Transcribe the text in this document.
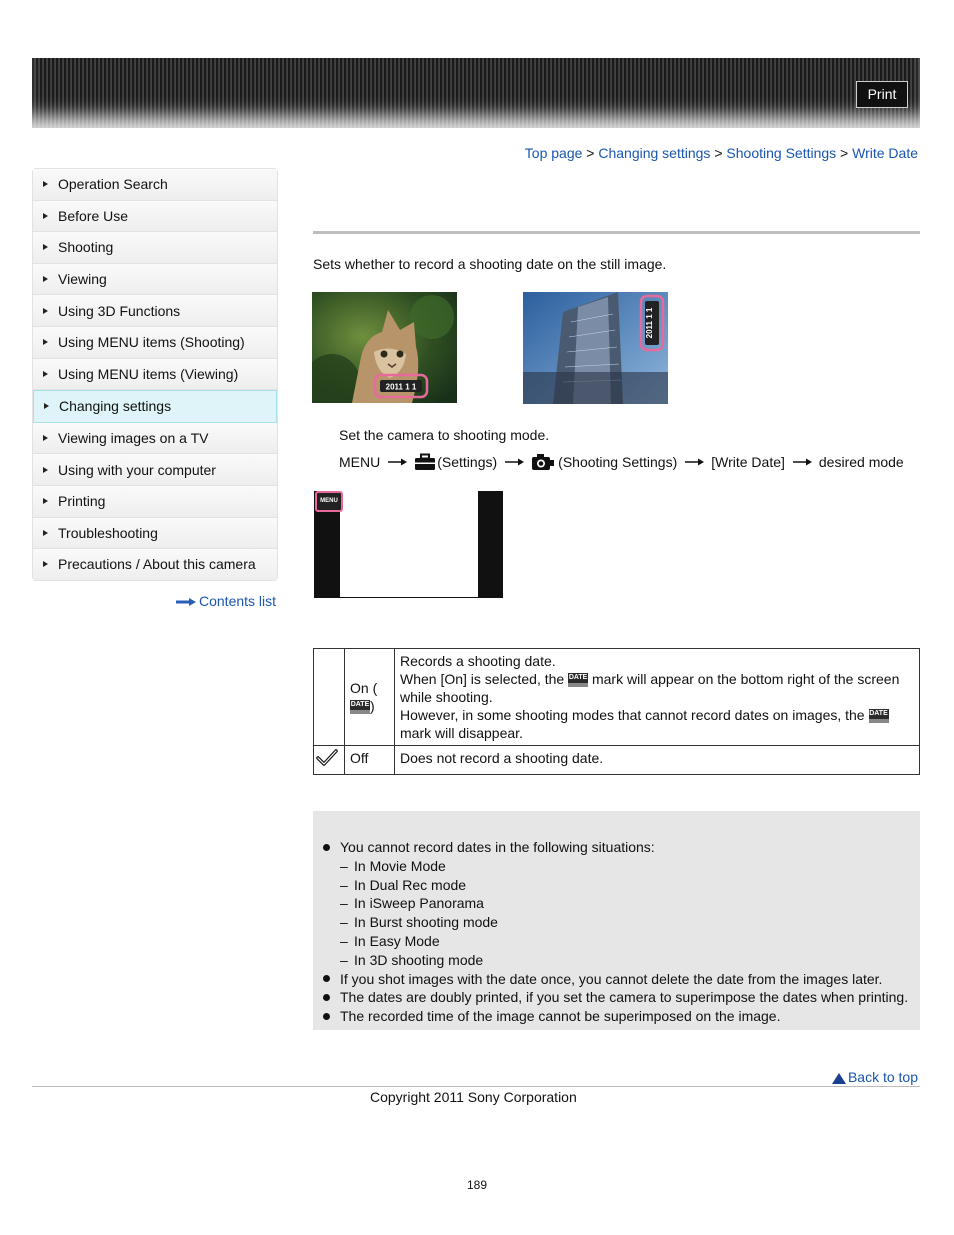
Print
Top page > Changing settings > Shooting Settings > Write Date
Operation Search
Before Use
Shooting
Viewing
Using 3D Functions
Using MENU items (Shooting)
Using MENU items (Viewing)
Changing settings
Viewing images on a TV
Using with your computer
Printing
Troubleshooting
Precautions / About this camera
Contents list
Sets whether to record a shooting date on the still image.
2011 1 1
2011 1 1
Set the camera to shooting mode.
MENU	(Settings)	(Shooting Settings) [Write Date] desired mode
MENU
	On (
DATE)	Records a shooting date.
When [On] is selected, the DATE mark will appear on the bottom right of the screen while shooting.
However, in some shooting modes that cannot record dates on images, the DATE mark will disappear.
	Off	Does not record a shooting date.
You cannot record dates in the following situations:
– In Movie Mode
– In Dual Rec mode
– In iSweep Panorama
– In Burst shooting mode
– In Easy Mode
– In 3D shooting mode
If you shot images with the date once, you cannot delete the date from the images later.
The dates are doubly printed, if you set the camera to superimpose the dates when printing.
The recorded time of the image cannot be superimposed on the image.
Back to top
Copyright 2011 Sony Corporation
189
